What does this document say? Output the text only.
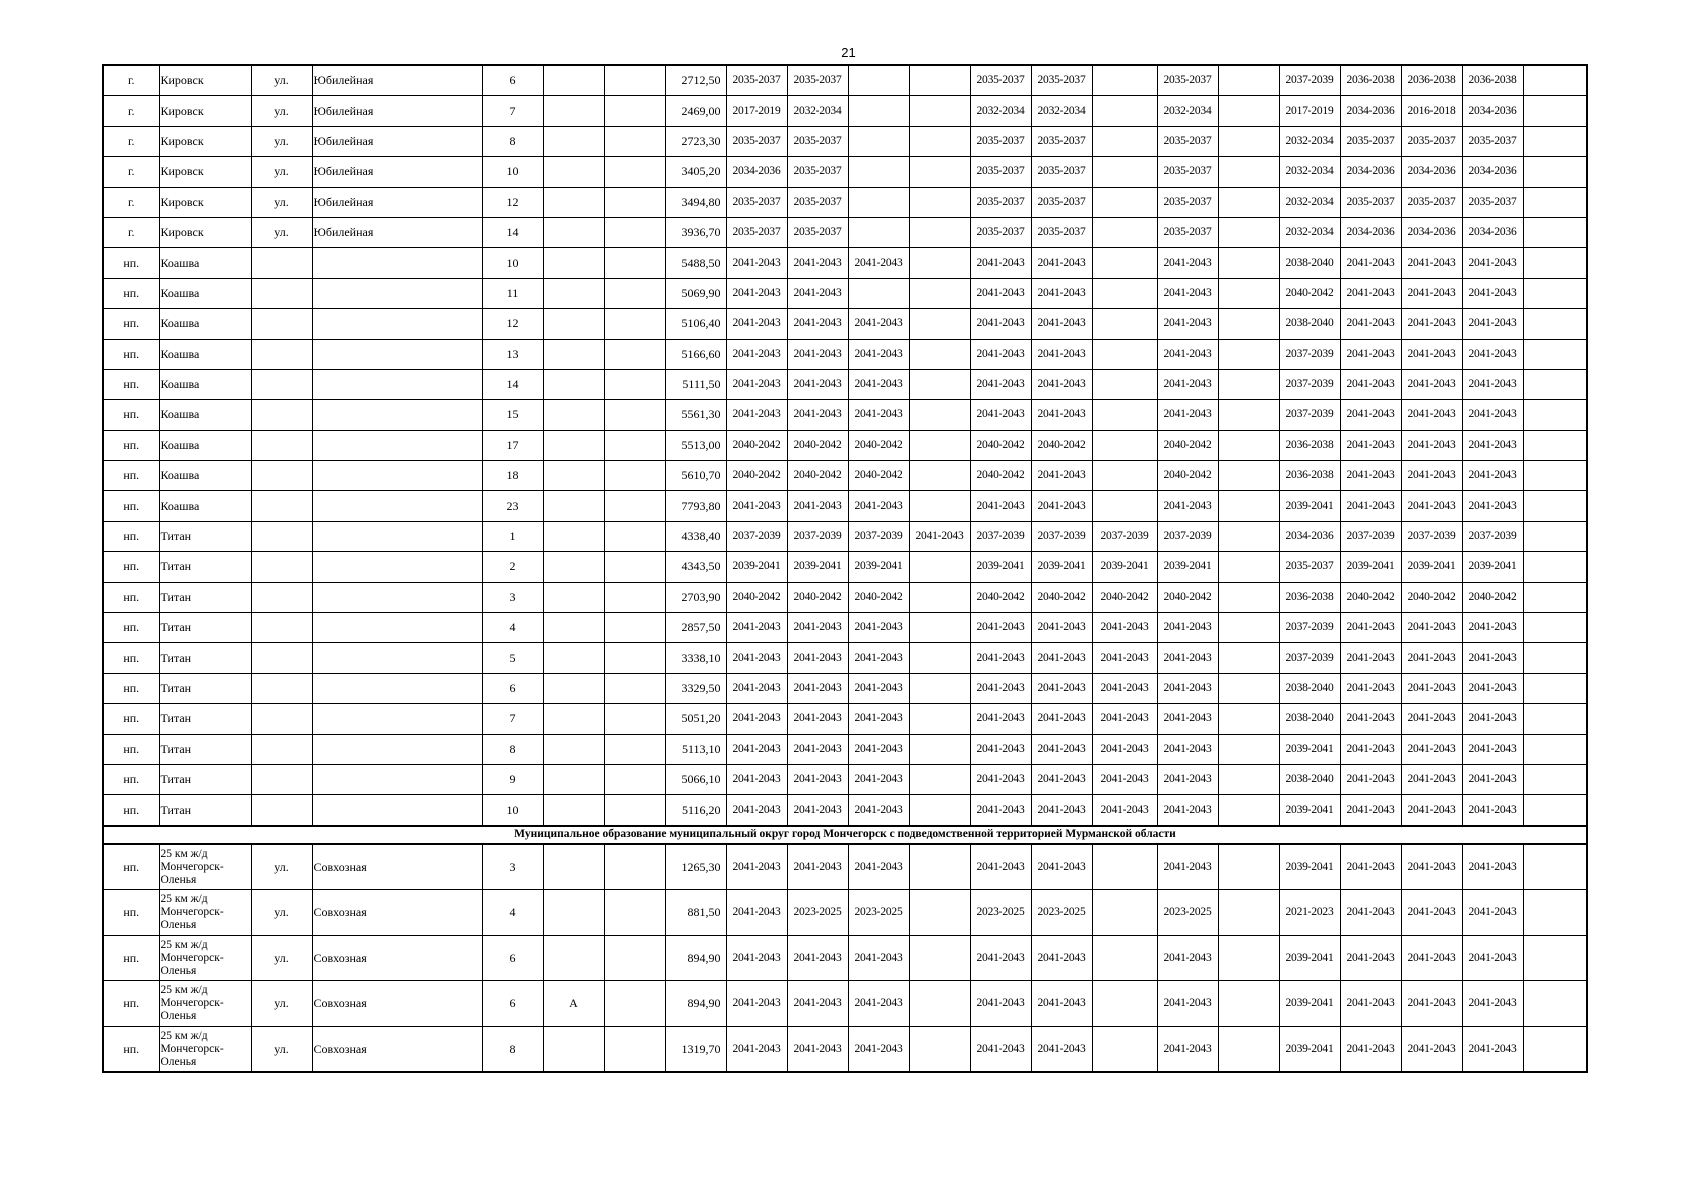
21
г.	Кировск	ул.	Юбилейная	6			2712,50	2035-2037	2035-2037			2035-2037	2035-2037		2035-2037		2037-2039	2036-2038	2036-2038	2036-2038	
г.	Кировск	ул.	Юбилейная	7			2469,00	2017-2019	2032-2034			2032-2034	2032-2034		2032-2034		2017-2019	2034-2036	2016-2018	2034-2036	
г.	Кировск	ул.	Юбилейная	8			2723,30	2035-2037	2035-2037			2035-2037	2035-2037		2035-2037		2032-2034	2035-2037	2035-2037	2035-2037	
г.	Кировск	ул.	Юбилейная	10			3405,20	2034-2036	2035-2037			2035-2037	2035-2037		2035-2037		2032-2034	2034-2036	2034-2036	2034-2036	
г.	Кировск	ул.	Юбилейная	12			3494,80	2035-2037	2035-2037			2035-2037	2035-2037		2035-2037		2032-2034	2035-2037	2035-2037	2035-2037	
г.	Кировск	ул.	Юбилейная	14			3936,70	2035-2037	2035-2037			2035-2037	2035-2037		2035-2037		2032-2034	2034-2036	2034-2036	2034-2036	
нп.	Коашва			10			5488,50	2041-2043	2041-2043	2041-2043		2041-2043	2041-2043		2041-2043		2038-2040	2041-2043	2041-2043	2041-2043	
нп.	Коашва			11			5069,90	2041-2043	2041-2043			2041-2043	2041-2043		2041-2043		2040-2042	2041-2043	2041-2043	2041-2043	
нп.	Коашва			12			5106,40	2041-2043	2041-2043	2041-2043		2041-2043	2041-2043		2041-2043		2038-2040	2041-2043	2041-2043	2041-2043	
нп.	Коашва			13			5166,60	2041-2043	2041-2043	2041-2043		2041-2043	2041-2043		2041-2043		2037-2039	2041-2043	2041-2043	2041-2043	
нп.	Коашва			14			5111,50	2041-2043	2041-2043	2041-2043		2041-2043	2041-2043		2041-2043		2037-2039	2041-2043	2041-2043	2041-2043	
нп.	Коашва			15			5561,30	2041-2043	2041-2043	2041-2043		2041-2043	2041-2043		2041-2043		2037-2039	2041-2043	2041-2043	2041-2043	
нп.	Коашва			17			5513,00	2040-2042	2040-2042	2040-2042		2040-2042	2040-2042		2040-2042		2036-2038	2041-2043	2041-2043	2041-2043	
нп.	Коашва			18			5610,70	2040-2042	2040-2042	2040-2042		2040-2042	2041-2043		2040-2042		2036-2038	2041-2043	2041-2043	2041-2043	
нп.	Коашва			23			7793,80	2041-2043	2041-2043	2041-2043		2041-2043	2041-2043		2041-2043		2039-2041	2041-2043	2041-2043	2041-2043	
нп.	Титан			1			4338,40	2037-2039	2037-2039	2037-2039	2041-2043	2037-2039	2037-2039	2037-2039	2037-2039		2034-2036	2037-2039	2037-2039	2037-2039	
нп.	Титан			2			4343,50	2039-2041	2039-2041	2039-2041		2039-2041	2039-2041	2039-2041	2039-2041		2035-2037	2039-2041	2039-2041	2039-2041	
нп.	Титан			3			2703,90	2040-2042	2040-2042	2040-2042		2040-2042	2040-2042	2040-2042	2040-2042		2036-2038	2040-2042	2040-2042	2040-2042	
нп.	Титан			4			2857,50	2041-2043	2041-2043	2041-2043		2041-2043	2041-2043	2041-2043	2041-2043		2037-2039	2041-2043	2041-2043	2041-2043	
нп.	Титан			5			3338,10	2041-2043	2041-2043	2041-2043		2041-2043	2041-2043	2041-2043	2041-2043		2037-2039	2041-2043	2041-2043	2041-2043	
нп.	Титан			6			3329,50	2041-2043	2041-2043	2041-2043		2041-2043	2041-2043	2041-2043	2041-2043		2038-2040	2041-2043	2041-2043	2041-2043	
нп.	Титан			7			5051,20	2041-2043	2041-2043	2041-2043		2041-2043	2041-2043	2041-2043	2041-2043		2038-2040	2041-2043	2041-2043	2041-2043	
нп.	Титан			8			5113,10	2041-2043	2041-2043	2041-2043		2041-2043	2041-2043	2041-2043	2041-2043		2039-2041	2041-2043	2041-2043	2041-2043	
нп.	Титан			9			5066,10	2041-2043	2041-2043	2041-2043		2041-2043	2041-2043	2041-2043	2041-2043		2038-2040	2041-2043	2041-2043	2041-2043	
нп.	Титан			10			5116,20	2041-2043	2041-2043	2041-2043		2041-2043	2041-2043	2041-2043	2041-2043		2039-2041	2041-2043	2041-2043	2041-2043	
Муниципальное образование муниципальный округ город Мончегорск с подведомственной территорией Мурманской области																					
нп.	25 км ж/д Мончегорск-Оленья	ул.	Совхозная	3			1265,30	2041-2043	2041-2043	2041-2043		2041-2043	2041-2043		2041-2043		2039-2041	2041-2043	2041-2043	2041-2043	
нп.	25 км ж/д Мончегорск-Оленья	ул.	Совхозная	4			881,50	2041-2043	2023-2025	2023-2025		2023-2025	2023-2025		2023-2025		2021-2023	2041-2043	2041-2043	2041-2043	
нп.	25 км ж/д Мончегорск-Оленья	ул.	Совхозная	6			894,90	2041-2043	2041-2043	2041-2043		2041-2043	2041-2043		2041-2043		2039-2041	2041-2043	2041-2043	2041-2043	
нп.	25 км ж/д Мончегорск-Оленья	ул.	Совхозная	6	А		894,90	2041-2043	2041-2043	2041-2043		2041-2043	2041-2043		2041-2043		2039-2041	2041-2043	2041-2043	2041-2043	
нп.	25 км ж/д Мончегорск-Оленья	ул.	Совхозная	8			1319,70	2041-2043	2041-2043	2041-2043		2041-2043	2041-2043		2041-2043		2039-2041	2041-2043	2041-2043	2041-2043	
